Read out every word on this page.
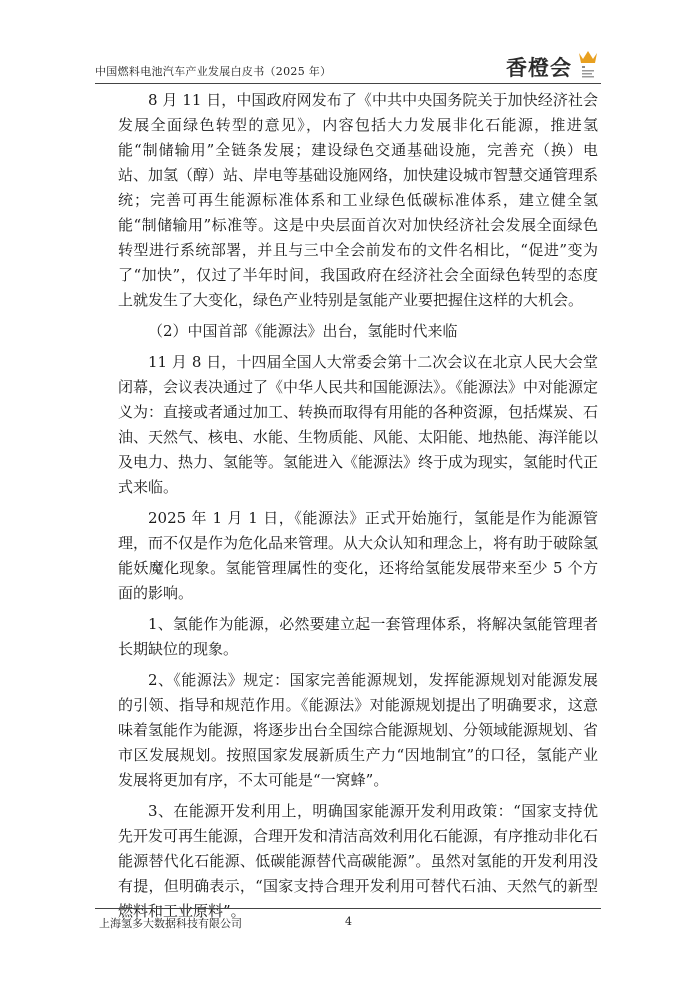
中国燃料电池汽车产业发展白皮书（2025 年）	香橙会

8 月 11 日，中国政府网发布了《中共中央国务院关于加快经济社会发展全面绿色转型的意见》，内容包括大力发展非化石能源，推进氢能“制储输用”全链条发展；建设绿色交通基础设施，完善充（换）电站、加氢（醇）站、岸电等基础设施网络，加快建设城市智慧交通管理系统；完善可再生能源标准体系和工业绿色低碳标准体系，建立健全氢能“制储输用”标准等。这是中央层面首次对加快经济社会发展全面绿色转型进行系统部署，并且与三中全会前发布的文件名相比，“促进”变为了“加快”，仅过了半年时间，我国政府在经济社会全面绿色转型的态度上就发生了大变化，绿色产业特别是氢能产业要把握住这样的大机会。

（2）中国首部《能源法》出台，氢能时代来临

11 月 8 日，十四届全国人大常委会第十二次会议在北京人民大会堂闭幕，会议表决通过了《中华人民共和国能源法》。《能源法》中对能源定义为：直接或者通过加工、转换而取得有用能的各种资源，包括煤炭、石油、天然气、核电、水能、生物质能、风能、太阳能、地热能、海洋能以及电力、热力、氢能等。氢能进入《能源法》终于成为现实，氢能时代正式来临。

2025 年 1 月 1 日，《能源法》正式开始施行，氢能是作为能源管理，而不仅是作为危化品来管理。从大众认知和理念上，将有助于破除氢能妖魔化现象。氢能管理属性的变化，还将给氢能发展带来至少 5 个方面的影响。

1、氢能作为能源，必然要建立起一套管理体系，将解决氢能管理者长期缺位的现象。

2、《能源法》规定：国家完善能源规划，发挥能源规划对能源发展的引领、指导和规范作用。《能源法》对能源规划提出了明确要求，这意味着氢能作为能源，将逐步出台全国综合能源规划、分领域能源规划、省市区发展规划。按照国家发展新质生产力“因地制宜”的口径，氢能产业发展将更加有序，不太可能是“一窝蜂”。

3、在能源开发利用上，明确国家能源开发利用政策：“国家支持优先开发可再生能源，合理开发和清洁高效利用化石能源，有序推动非化石能源替代化石能源、低碳能源替代高碳能源”。虽然对氢能的开发利用没有提，但明确表示，“国家支持合理开发利用可替代石油、天然气的新型燃料和工业原料”。

上海氢多大数据科技有限公司	4
